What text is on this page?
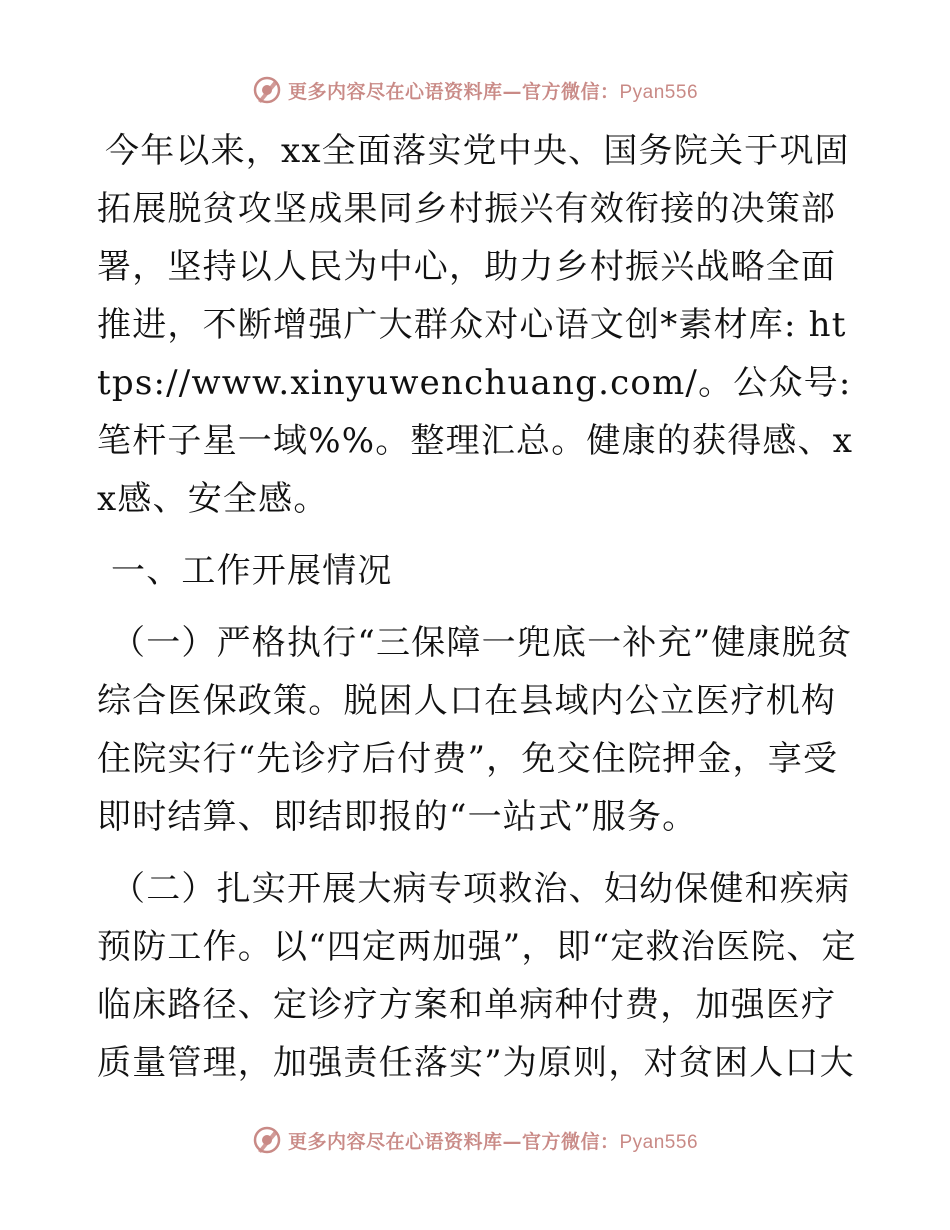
更多内容尽在心语资料库—官方微信：Pyan556

今年以来，xx全面落实党中央、国务院关于巩固拓展脱贫攻坚成果同乡村振兴有效衔接的决策部署，坚持以人民为中心，助力乡村振兴战略全面推进，不断增强广大群众对心语文创*素材库: https://www.xinyuwenchuang.com/。公众号: 笔杆子星一域%%。整理汇总。健康的获得感、xx感、安全感。

一、工作开展情况

（一）严格执行“三保障一兜底一补充”健康脱贫综合医保政策。脱困人口在县域内公立医疗机构住院实行“先诊疗后付费”，免交住院押金，享受即时结算、即结即报的“一站式”服务。

（二）扎实开展大病专项救治、妇幼保健和疾病预防工作。以“四定两加强”，即“定救治医院、定临床路径、定诊疗方案和单病种付费，加强医疗质量管理，加强责任落实”为原则，对贫困人口大

更多内容尽在心语资料库—官方微信：Pyan556
